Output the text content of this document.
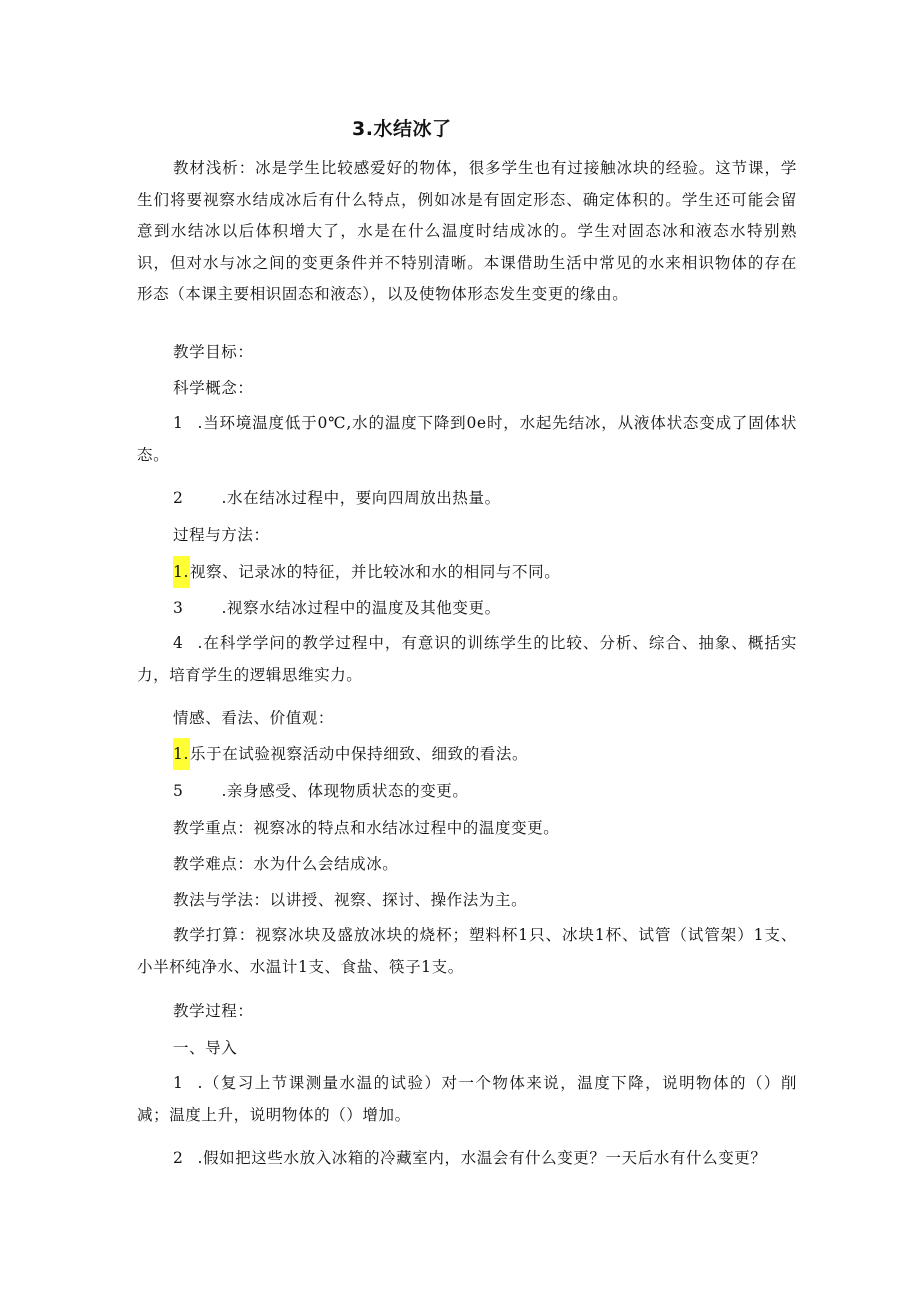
3.水结冰了
教材浅析：冰是学生比较感爱好的物体，很多学生也有过接触冰块的经验。这节课，学生们将要视察水结成冰后有什么特点，例如冰是有固定形态、确定体积的。学生还可能会留意到水结冰以后体积增大了，水是在什么温度时结成冰的。学生对固态冰和液态水特别熟识，但对水与冰之间的变更条件并不特别清晰。本课借助生活中常见的水来相识物体的存在形态（本课主要相识固态和液态），以及使物体形态发生变更的缘由。
教学目标：
科学概念：
1 .当环境温度低于0℃,水的温度下降到0e时，水起先结冰，从液体状态变成了固体状态。
2 .水在结冰过程中，要向四周放出热量。
过程与方法：
1.视察、记录冰的特征，并比较冰和水的相同与不同。
3 .视察水结冰过程中的温度及其他变更。
4 .在科学学问的教学过程中，有意识的训练学生的比较、分析、综合、抽象、概括实力，培育学生的逻辑思维实力。
情感、看法、价值观：
1.乐于在试验视察活动中保持细致、细致的看法。
5 .亲身感受、体现物质状态的变更。
教学重点：视察冰的特点和水结冰过程中的温度变更。
教学难点：水为什么会结成冰。
教法与学法：以讲授、视察、探讨、操作法为主。
教学打算：视察冰块及盛放冰块的烧杯；塑料杯1只、冰块1杯、试管（试管架）1支、小半杯纯净水、水温计1支、食盐、筷子1支。
教学过程：
一、导入
1 .（复习上节课测量水温的试验）对一个物体来说，温度下降，说明物体的（）削减；温度上升，说明物体的（）增加。
2 .假如把这些水放入冰箱的冷藏室内，水温会有什么变更？一天后水有什么变更？
